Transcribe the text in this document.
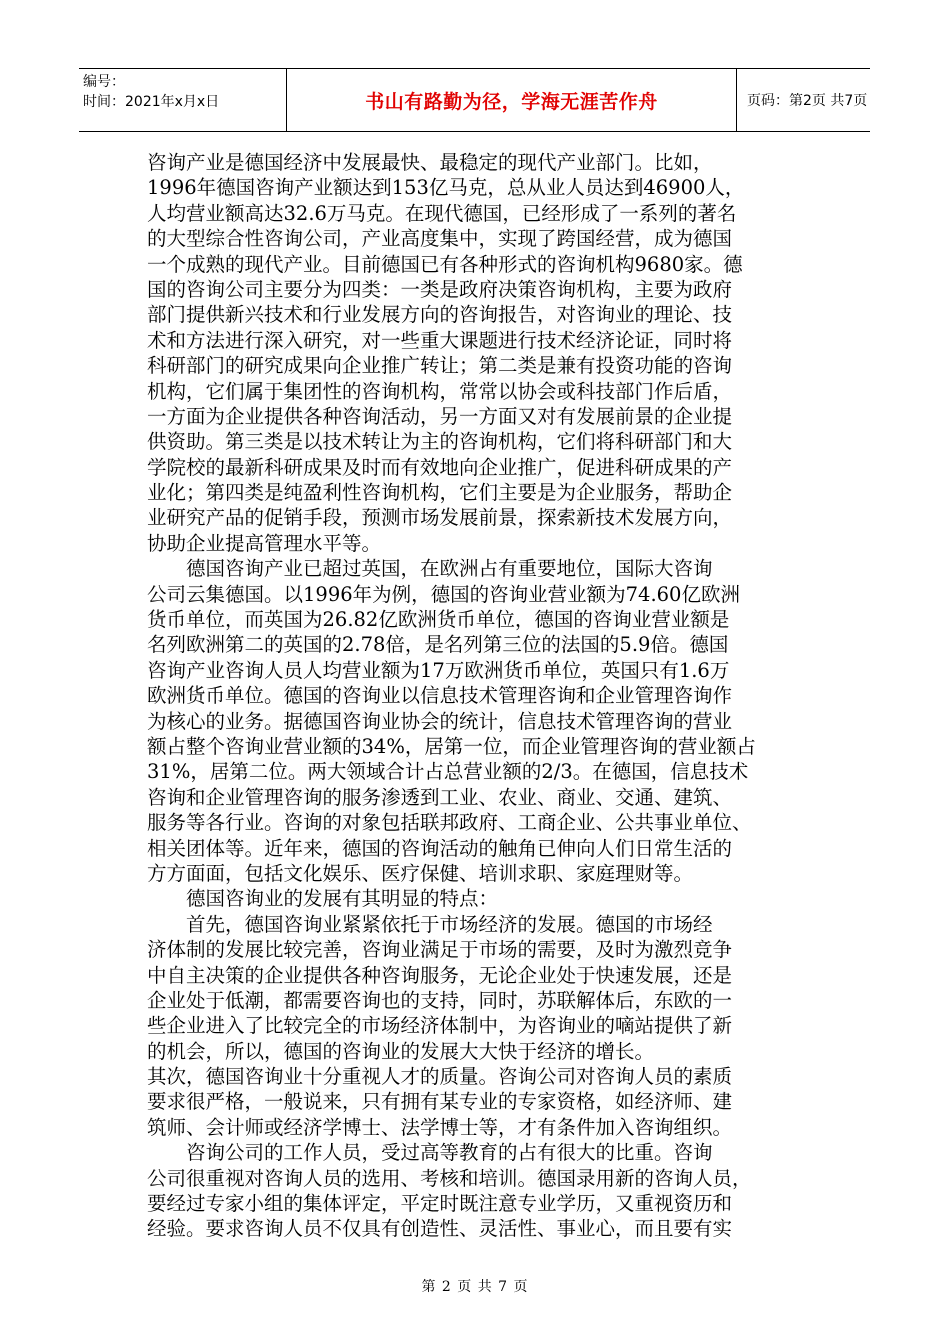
编号：
时间：2021年x月x日	书山有路勤为径，学海无涯苦作舟	页码：第2页 共7页
咨询产业是德国经济中发展最快、最稳定的现代产业部门。比如，
1996年德国咨询产业额达到153亿马克，总从业人员达到46900人，
人均营业额高达32.6万马克。在现代德国，已经形成了一系列的著名
的大型综合性咨询公司，产业高度集中，实现了跨国经营，成为德国
一个成熟的现代产业。目前德国已有各种形式的咨询机构9680家。德
国的咨询公司主要分为四类：一类是政府决策咨询机构，主要为政府
部门提供新兴技术和行业发展方向的咨询报告，对咨询业的理论、技
术和方法进行深入研究，对一些重大课题进行技术经济论证，同时将
科研部门的研究成果向企业推广转让；第二类是兼有投资功能的咨询
机构，它们属于集团性的咨询机构，常常以协会或科技部门作后盾，
一方面为企业提供各种咨询活动，另一方面又对有发展前景的企业提
供资助。第三类是以技术转让为主的咨询机构，它们将科研部门和大
学院校的最新科研成果及时而有效地向企业推广，促进科研成果的产
业化；第四类是纯盈利性咨询机构，它们主要是为企业服务，帮助企
业研究产品的促销手段，预测市场发展前景，探索新技术发展方向，
协助企业提高管理水平等。
　　德国咨询产业已超过英国，在欧洲占有重要地位，国际大咨询
公司云集德国。以1996年为例，德国的咨询业营业额为74.60亿欧洲
货币单位，而英国为26.82亿欧洲货币单位，德国的咨询业营业额是
名列欧洲第二的英国的2.78倍，是名列第三位的法国的5.9倍。德国
咨询产业咨询人员人均营业额为17万欧洲货币单位，英国只有1.6万
欧洲货币单位。德国的咨询业以信息技术管理咨询和企业管理咨询作
为核心的业务。据德国咨询业协会的统计，信息技术管理咨询的营业
额占整个咨询业营业额的34%，居第一位，而企业管理咨询的营业额占
31%，居第二位。两大领域合计占总营业额的2/3。在德国，信息技术
咨询和企业管理咨询的服务渗透到工业、农业、商业、交通、建筑、
服务等各行业。咨询的对象包括联邦政府、工商企业、公共事业单位、
相关团体等。近年来，德国的咨询活动的触角已伸向人们日常生活的
方方面面，包括文化娱乐、医疗保健、培训求职、家庭理财等。
　　德国咨询业的发展有其明显的特点：
　　首先，德国咨询业紧紧依托于市场经济的发展。德国的市场经
济体制的发展比较完善，咨询业满足于市场的需要，及时为激烈竞争
中自主决策的企业提供各种咨询服务，无论企业处于快速发展，还是
企业处于低潮，都需要咨询也的支持，同时，苏联解体后，东欧的一
些企业进入了比较完全的市场经济体制中，为咨询业的嘀站提供了新
的机会，所以，德国的咨询业的发展大大快于经济的增长。
其次，德国咨询业十分重视人才的质量。咨询公司对咨询人员的素质
要求很严格，一般说来，只有拥有某专业的专家资格，如经济师、建
筑师、会计师或经济学博士、法学博士等，才有条件加入咨询组织。
　　咨询公司的工作人员，受过高等教育的占有很大的比重。咨询
公司很重视对咨询人员的选用、考核和培训。德国录用新的咨询人员，
要经过专家小组的集体评定，平定时既注意专业学历，又重视资历和
经验。要求咨询人员不仅具有创造性、灵活性、事业心，而且要有实
第 2 页 共 7 页
